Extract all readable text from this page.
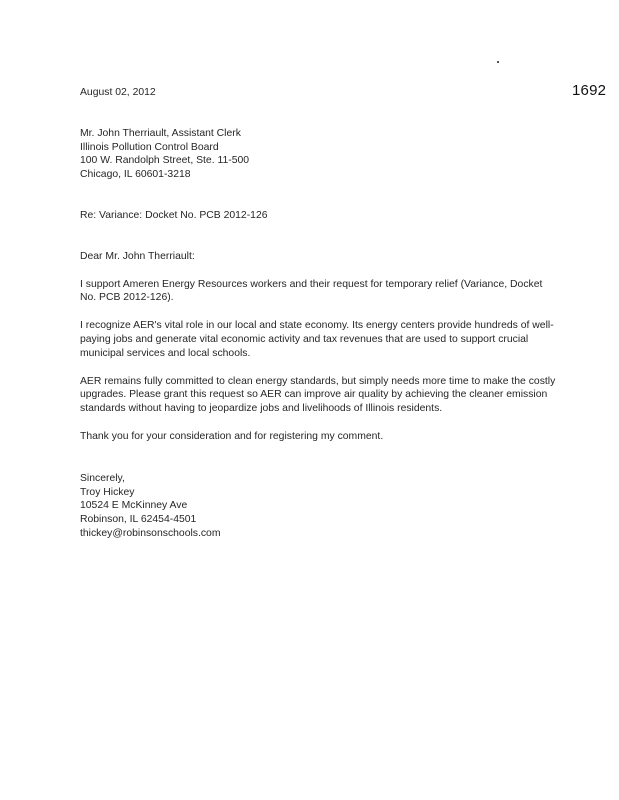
1692

August 02, 2012

Mr. John Therriault, Assistant Clerk
Illinois Pollution Control Board
100 W. Randolph Street, Ste. 11-500
Chicago, IL 60601-3218

Re: Variance: Docket No. PCB 2012-126

Dear Mr. John Therriault:

I support Ameren Energy Resources workers and their request for temporary relief (Variance, Docket No. PCB 2012-126).

I recognize AER's vital role in our local and state economy. Its energy centers provide hundreds of well-paying jobs and generate vital economic activity and tax revenues that are used to support crucial municipal services and local schools.

AER remains fully committed to clean energy standards, but simply needs more time to make the costly upgrades. Please grant this request so AER can improve air quality by achieving the cleaner emission standards without having to jeopardize jobs and livelihoods of Illinois residents.

Thank you for your consideration and for registering my comment.

Sincerely,
Troy Hickey
10524 E McKinney Ave
Robinson, IL 62454-4501
thickey@robinsonschools.com
